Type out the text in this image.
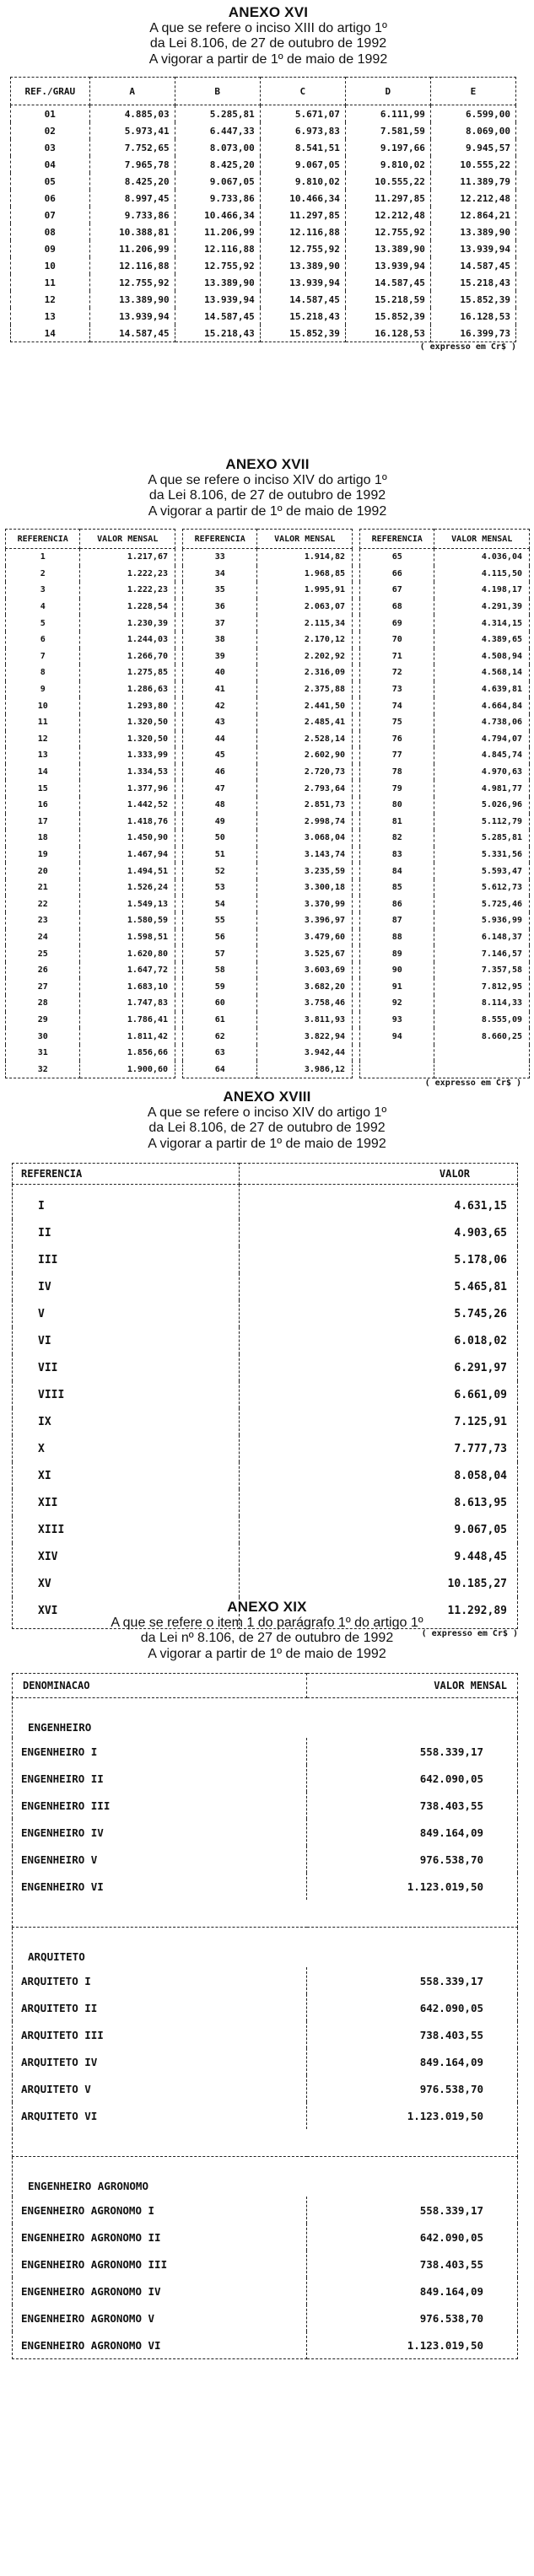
ANEXO XVI

A que se refere o inciso XIII do artigo 1º

da Lei 8.106, de 27 de outubro de 1992

A vigorar a partir de 1º de maio de 1992

REF./GRAU	A	B	C	D	E
01	4.885,03	5.285,81	5.671,07	6.111,99	6.599,00
02	5.973,41	6.447,33	6.973,83	7.581,59	8.069,00
03	7.752,65	8.073,00	8.541,51	9.197,66	9.945,57
04	7.965,78	8.425,20	9.067,05	9.810,02	10.555,22
05	8.425,20	9.067,05	9.810,02	10.555,22	11.389,79
06	8.997,45	9.733,86	10.466,34	11.297,85	12.212,48
07	9.733,86	10.466,34	11.297,85	12.212,48	12.864,21
08	10.388,81	11.206,99	12.116,88	12.755,92	13.389,90
09	11.206,99	12.116,88	12.755,92	13.389,90	13.939,94
10	12.116,88	12.755,92	13.389,90	13.939,94	14.587,45
11	12.755,92	13.389,90	13.939,94	14.587,45	15.218,43
12	13.389,90	13.939,94	14.587,45	15.218,59	15.852,39
13	13.939,94	14.587,45	15.218,43	15.852,39	16.128,53
14	14.587,45	15.218,43	15.852,39	16.128,53	16.399,73
( expresso em Cr$ )

ANEXO XVII

A que se refere o inciso XIV do artigo 1º

da Lei 8.106, de 27 de outubro de 1992

A vigorar a partir de 1º de maio de 1992

REFERENCIA	VALOR MENSAL
1	1.217,67
2	1.222,23
3	1.222,23
4	1.228,54
5	1.230,39
6	1.244,03
7	1.266,70
8	1.275,85
9	1.286,63
10	1.293,80
11	1.320,50
12	1.320,50
13	1.333,99
14	1.334,53
15	1.377,96
16	1.442,52
17	1.418,76
18	1.450,90
19	1.467,94
20	1.494,51
21	1.526,24
22	1.549,13
23	1.580,59
24	1.598,51
25	1.620,80
26	1.647,72
27	1.683,10
28	1.747,83
29	1.786,41
30	1.811,42
31	1.856,66
32	1.900,60
REFERENCIA	VALOR MENSAL
33	1.914,82
34	1.968,85
35	1.995,91
36	2.063,07
37	2.115,34
38	2.170,12
39	2.202,92
40	2.316,09
41	2.375,88
42	2.441,50
43	2.485,41
44	2.528,14
45	2.602,90
46	2.720,73
47	2.793,64
48	2.851,73
49	2.998,74
50	3.068,04
51	3.143,74
52	3.235,59
53	3.300,18
54	3.370,99
55	3.396,97
56	3.479,60
57	3.525,67
58	3.603,69
59	3.682,20
60	3.758,46
61	3.811,93
62	3.822,94
63	3.942,44
64	3.986,12
REFERENCIA	VALOR MENSAL
65	4.036,04
66	4.115,50
67	4.198,17
68	4.291,39
69	4.314,15
70	4.389,65
71	4.508,94
72	4.568,14
73	4.639,81
74	4.664,84
75	4.738,06
76	4.794,07
77	4.845,74
78	4.970,63
79	4.981,77
80	5.026,96
81	5.112,79
82	5.285,81
83	5.331,56
84	5.593,47
85	5.612,73
86	5.725,46
87	5.936,99
88	6.148,37
89	7.146,57
90	7.357,58
91	7.812,95
92	8.114,33
93	8.555,09
94	8.660,25

( expresso em Cr$ )

ANEXO XVIII

A que se refere o inciso XIV do artigo 1º

da Lei 8.106, de 27 de outubro de 1992

A vigorar a partir de 1º de maio de 1992

REFERENCIA	VALOR
I	4.631,15
II	4.903,65
III	5.178,06
IV	5.465,81
V	5.745,26
VI	6.018,02
VII	6.291,97
VIII	6.661,09
IX	7.125,91
X	7.777,73
XI	8.058,04
XII	8.613,95
XIII	9.067,05
XIV	9.448,45
XV	10.185,27
XVI	11.292,89
( expresso em Cr$ )

ANEXO XIX

A que se refere o item 1 do parágrafo 1º do artigo 1º

da Lei nº 8.106, de 27 de outubro de 1992

A vigorar a partir de 1º de maio de 1992

DENOMINACAO	VALOR MENSAL
ENGENHEIRO	
ENGENHEIRO I	558.339,17
ENGENHEIRO II	642.090,05
ENGENHEIRO III	738.403,55
ENGENHEIRO IV	849.164,09
ENGENHEIRO V	976.538,70
ENGENHEIRO VI	1.123.019,50

ARQUITETO	
ARQUITETO I	558.339,17
ARQUITETO II	642.090,05
ARQUITETO III	738.403,55
ARQUITETO IV	849.164,09
ARQUITETO V	976.538,70
ARQUITETO VI	1.123.019,50

ENGENHEIRO AGRONOMO	
ENGENHEIRO AGRONOMO I	558.339,17
ENGENHEIRO AGRONOMO II	642.090,05
ENGENHEIRO AGRONOMO III	738.403,55
ENGENHEIRO AGRONOMO IV	849.164,09
ENGENHEIRO AGRONOMO V	976.538,70
ENGENHEIRO AGRONOMO VI	1.123.019,50
